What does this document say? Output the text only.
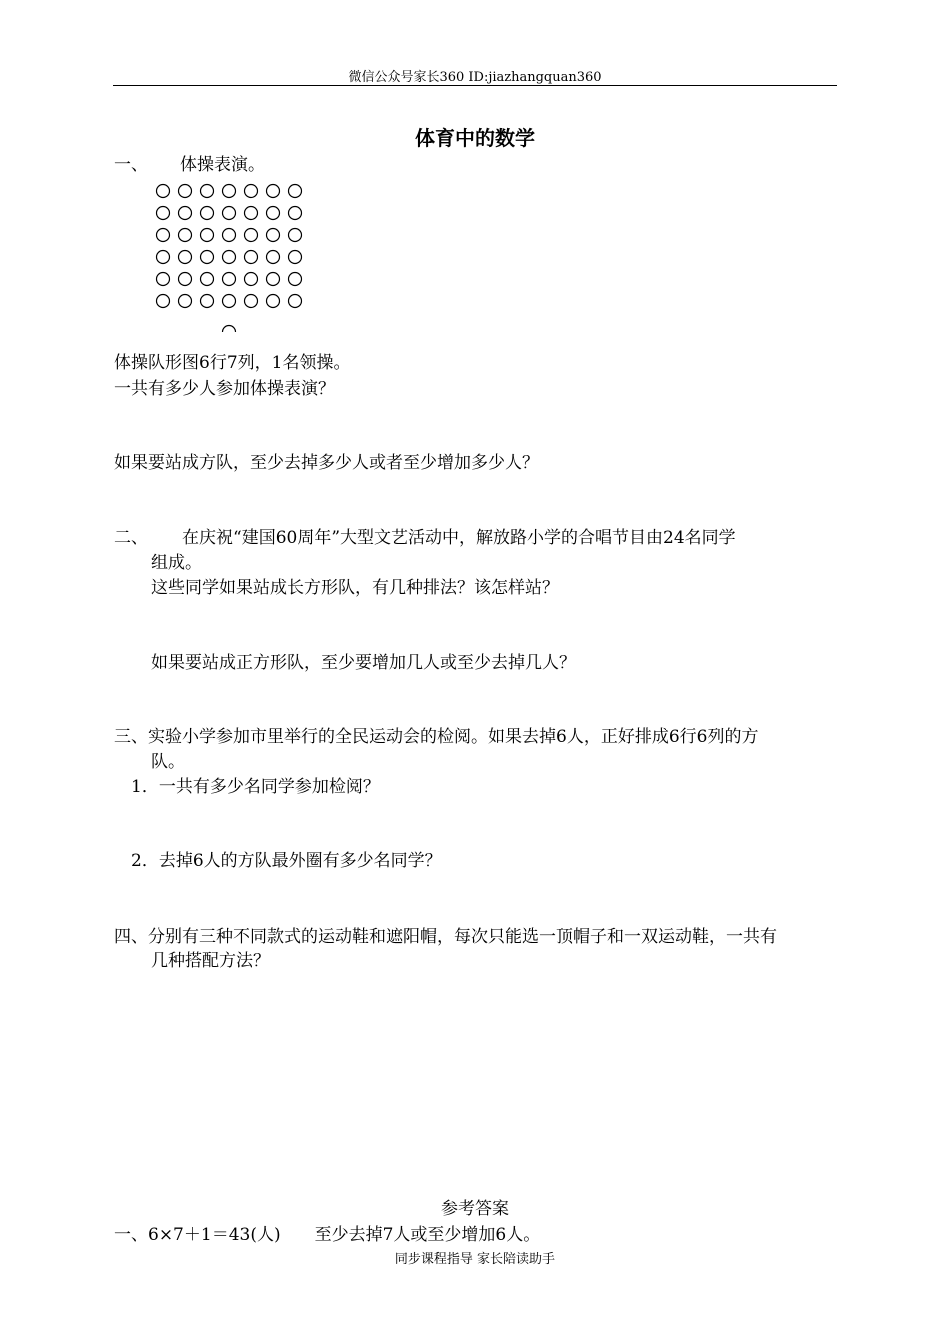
微信公众号家长360 ID:jiazhangquan360
体育中的数学
一、 体操表演。
体操队形图6行7列，1名领操。
一共有多少人参加体操表演？
如果要站成方队，至少去掉多少人或者至少增加多少人？
二、 在庆祝“建国60周年”大型文艺活动中，解放路小学的合唱节目由24名同学
组成。
这些同学如果站成长方形队，有几种排法？该怎样站？
如果要站成正方形队，至少要增加几人或至少去掉几人？
三、实验小学参加市里举行的全民运动会的检阅。如果去掉6人，正好排成6行6列的方
队。
1．一共有多少名同学参加检阅？
2．去掉6人的方队最外圈有多少名同学？
四、分别有三种不同款式的运动鞋和遮阳帽，每次只能选一顶帽子和一双运动鞋，一共有
几种搭配方法？
参考答案
一、6×7＋1＝43(人)　　至少去掉7人或至少增加6人。
同步课程指导 家长陪读助手
